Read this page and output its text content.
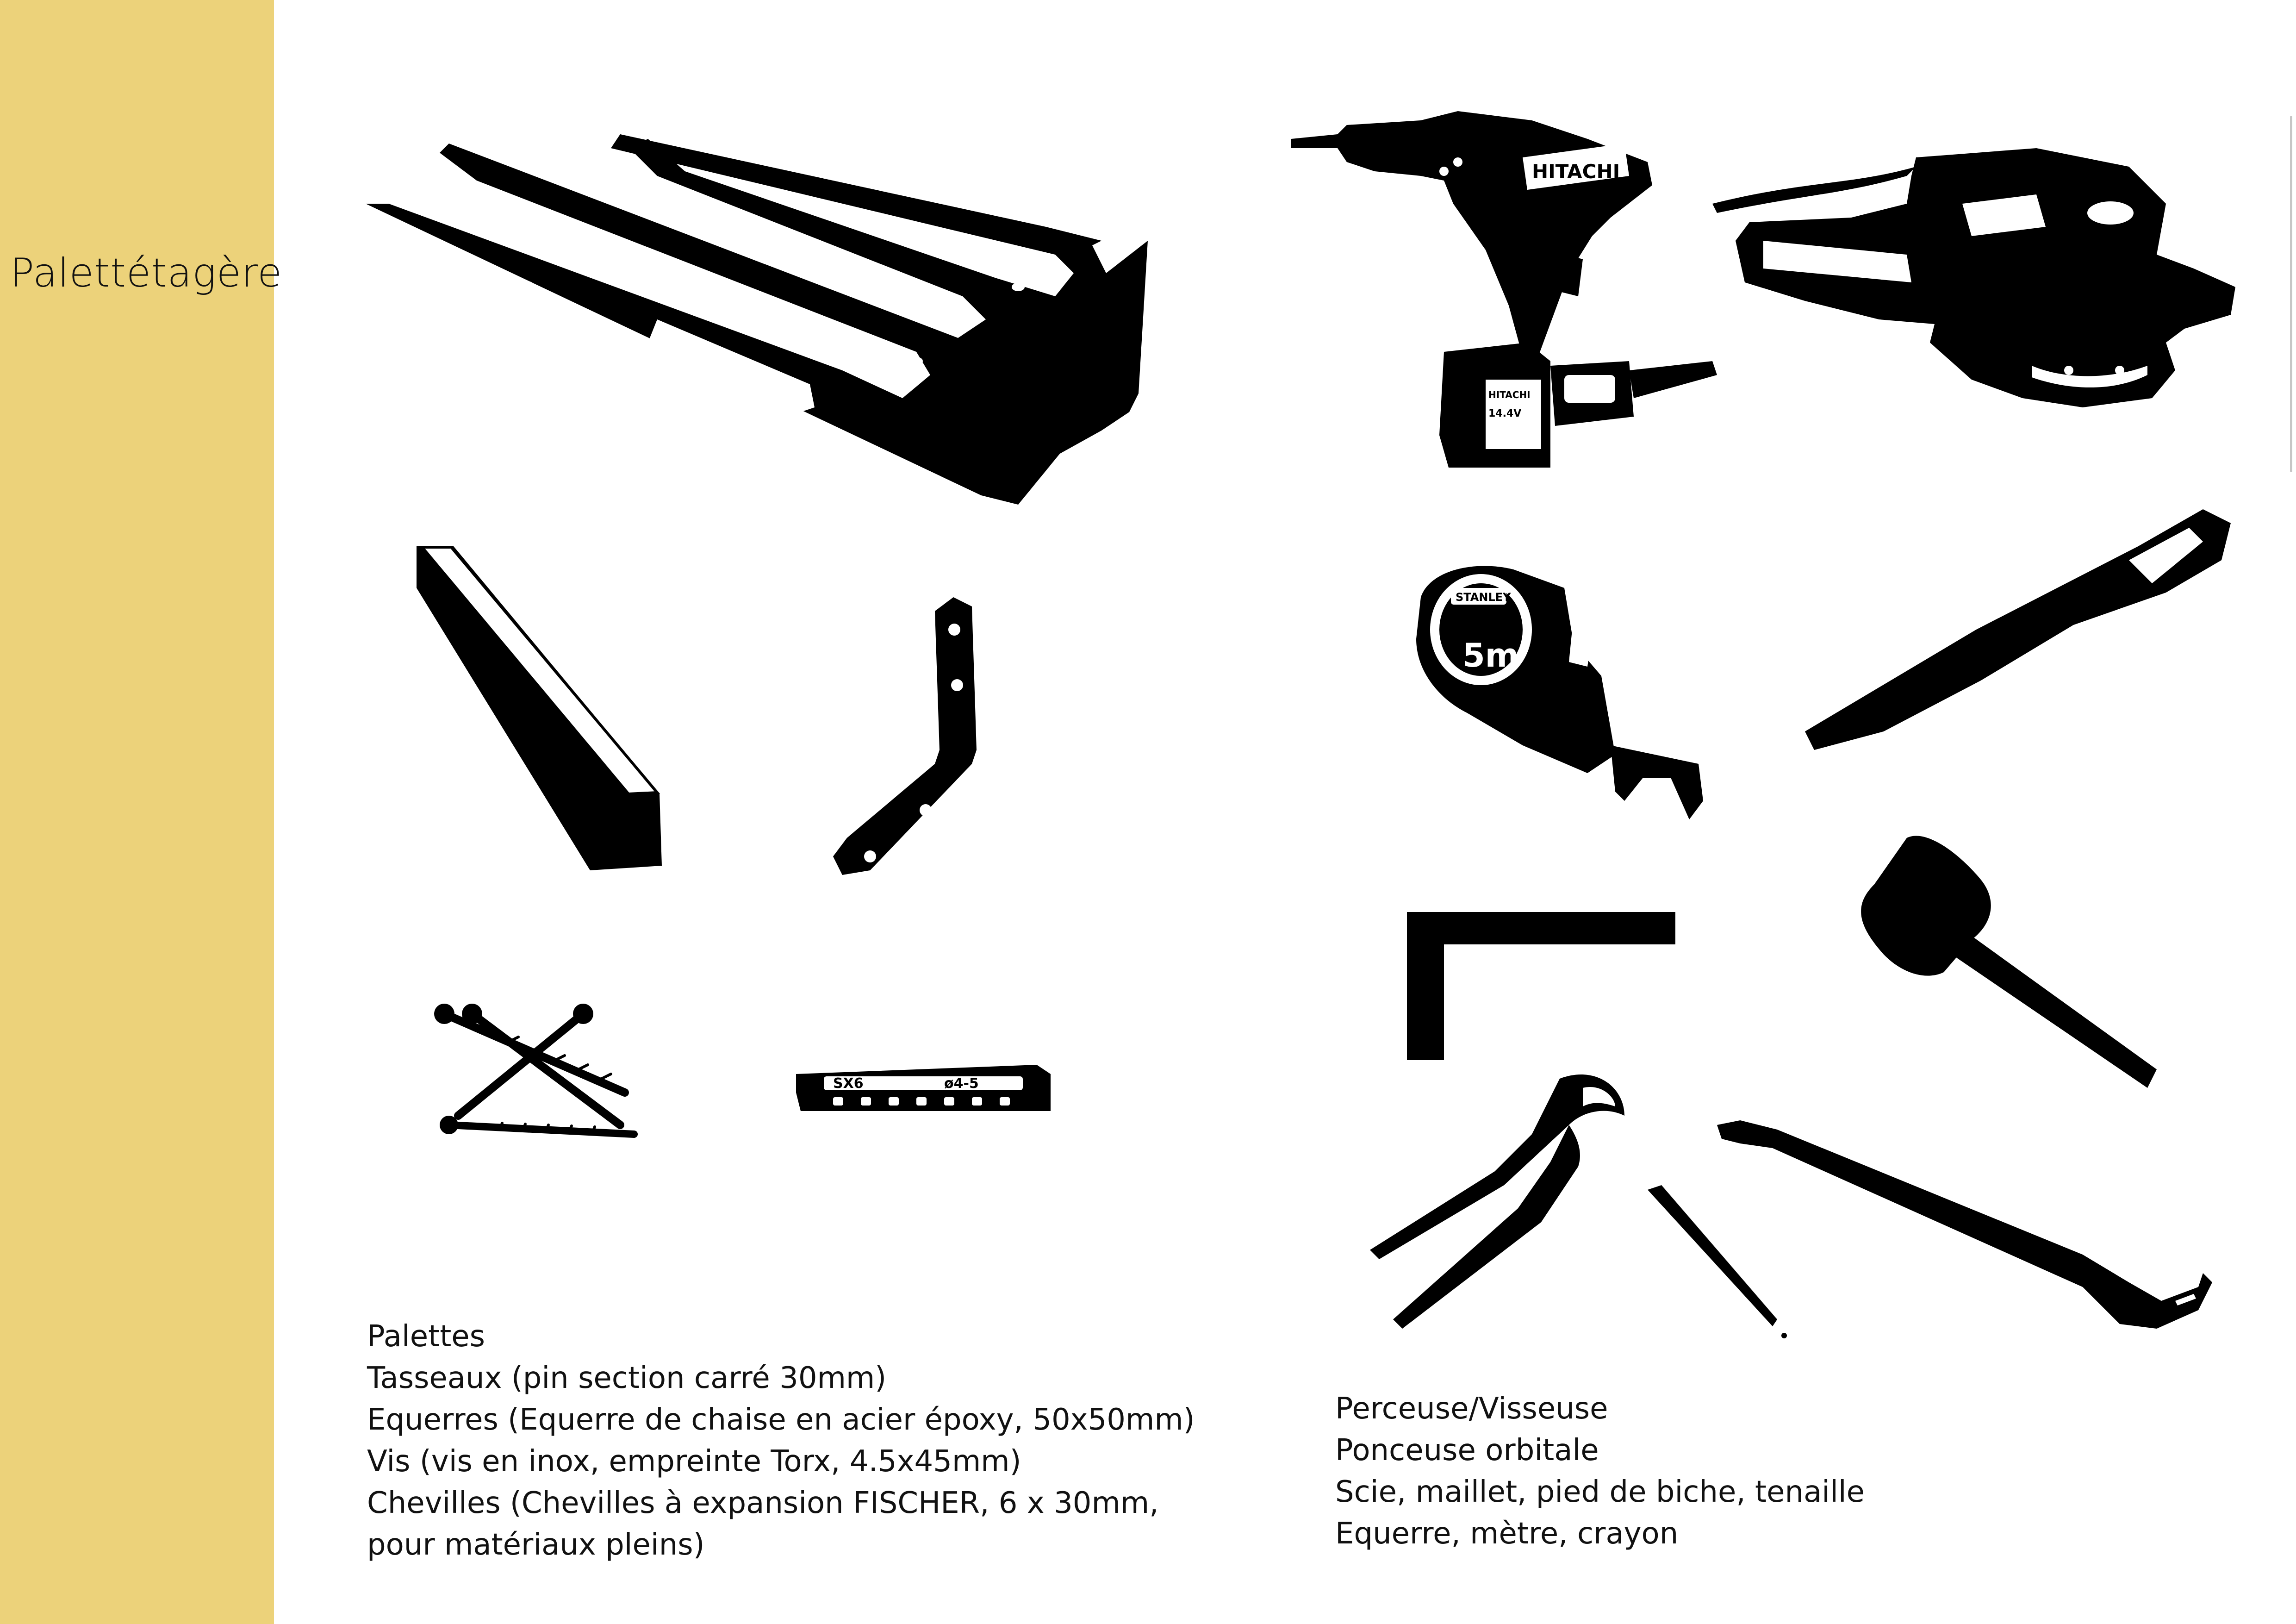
Palettétagère
SX6	ø4-5
HITACHI
HITACHI
14.4V
STANLEY
5m
Palettes
Tasseaux (pin section carré 30mm)
Equerres (Equerre de chaise en acier époxy, 50x50mm)
Vis (vis en inox, empreinte Torx, 4.5x45mm)
Chevilles (Chevilles à expansion FISCHER, 6 x 30mm,
pour matériaux pleins)
Perceuse/Visseuse
Ponceuse orbitale
Scie, maillet, pied de biche, tenaille
Equerre, mètre, crayon
